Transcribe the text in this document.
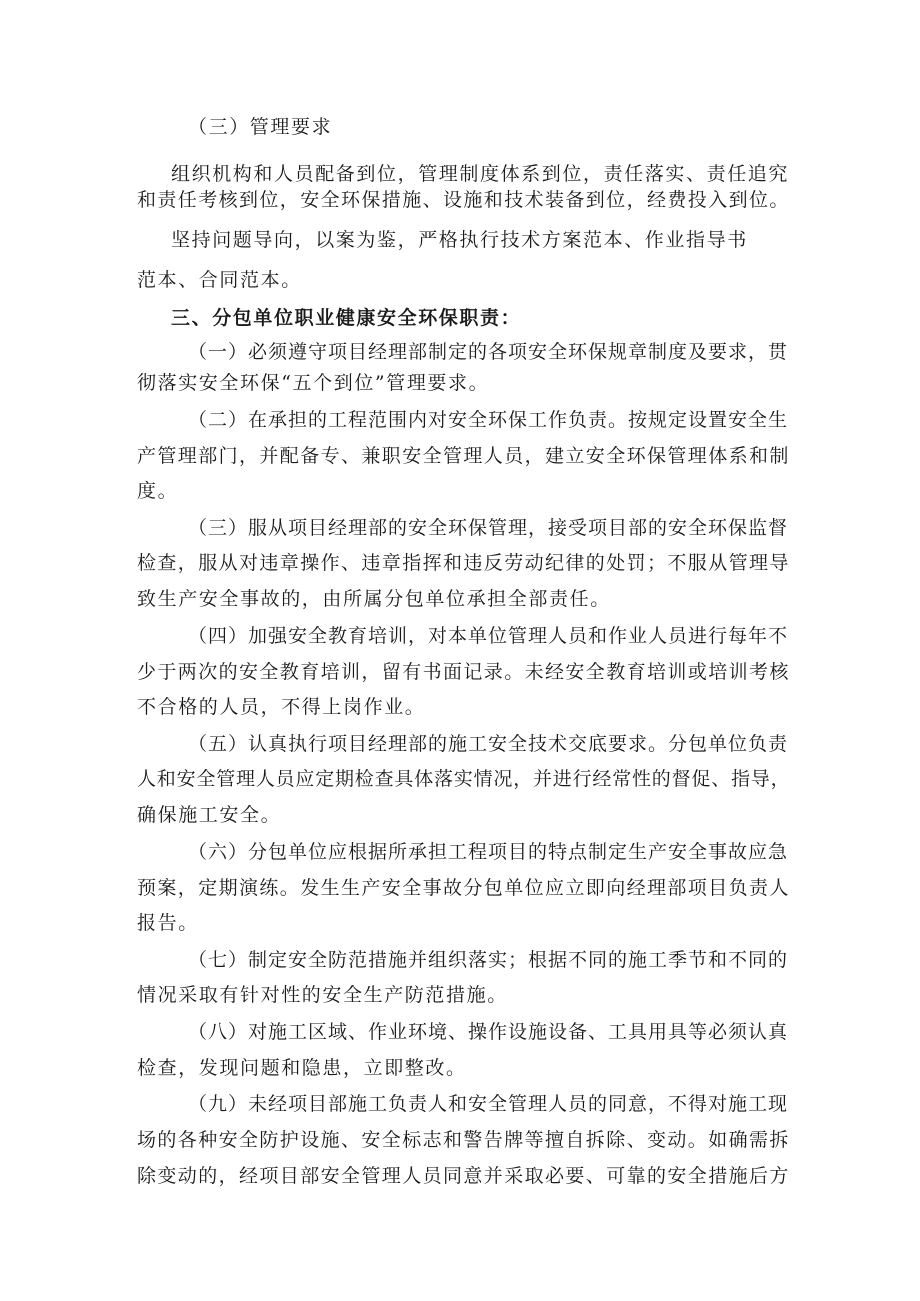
（三）管理要求
组织机构和人员配备到位，管理制度体系到位，责任落实、责任追究
和责任考核到位，安全环保措施、设施和技术装备到位，经费投入到位。
坚持问题导向，以案为鉴，严格执行技术方案范本、作业指导书
范本、合同范本。
三、分包单位职业健康安全环保职责：
（一）必须遵守项目经理部制定的各项安全环保规章制度及要求，贯
彻落实安全环保“五个到位”管理要求。
（二）在承担的工程范围内对安全环保工作负责。按规定设置安全生
产管理部门，并配备专、兼职安全管理人员，建立安全环保管理体系和制
度。
（三）服从项目经理部的安全环保管理，接受项目部的安全环保监督
检查，服从对违章操作、违章指挥和违反劳动纪律的处罚；不服从管理导
致生产安全事故的，由所属分包单位承担全部责任。
（四）加强安全教育培训，对本单位管理人员和作业人员进行每年不
少于两次的安全教育培训，留有书面记录。未经安全教育培训或培训考核
不合格的人员，不得上岗作业。
（五）认真执行项目经理部的施工安全技术交底要求。分包单位负责
人和安全管理人员应定期检查具体落实情况，并进行经常性的督促、指导，
确保施工安全。
（六）分包单位应根据所承担工程项目的特点制定生产安全事故应急
预案，定期演练。发生生产安全事故分包单位应立即向经理部项目负责人
报告。
（七）制定安全防范措施并组织落实；根据不同的施工季节和不同的
情况采取有针对性的安全生产防范措施。
（八）对施工区域、作业环境、操作设施设备、工具用具等必须认真
检查，发现问题和隐患，立即整改。
（九）未经项目部施工负责人和安全管理人员的同意，不得对施工现
场的各种安全防护设施、安全标志和警告牌等擅自拆除、变动。如确需拆
除变动的，经项目部安全管理人员同意并采取必要、可靠的安全措施后方
